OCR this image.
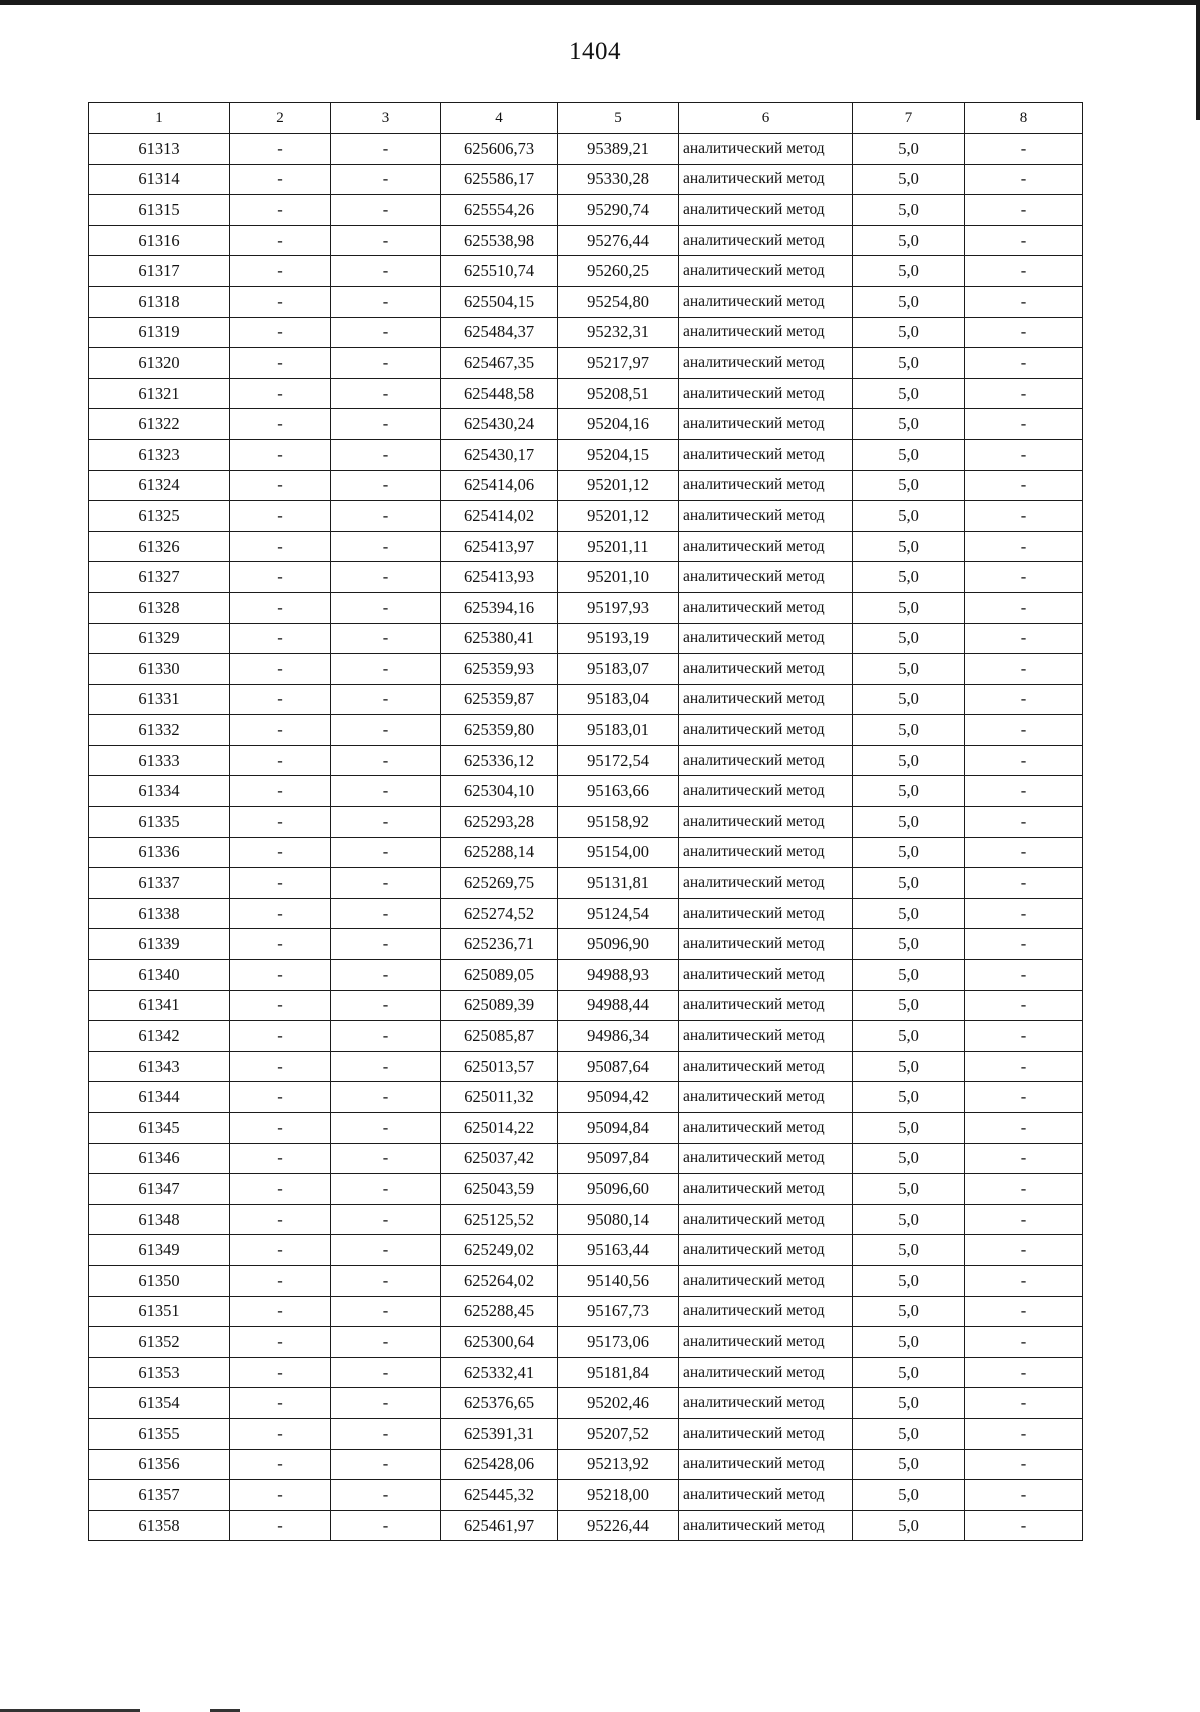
1404
1	2	3	4	5	6	7	8
61313	-	-	625606,73	95389,21	аналитический метод	5,0	-
61314	-	-	625586,17	95330,28	аналитический метод	5,0	-
61315	-	-	625554,26	95290,74	аналитический метод	5,0	-
61316	-	-	625538,98	95276,44	аналитический метод	5,0	-
61317	-	-	625510,74	95260,25	аналитический метод	5,0	-
61318	-	-	625504,15	95254,80	аналитический метод	5,0	-
61319	-	-	625484,37	95232,31	аналитический метод	5,0	-
61320	-	-	625467,35	95217,97	аналитический метод	5,0	-
61321	-	-	625448,58	95208,51	аналитический метод	5,0	-
61322	-	-	625430,24	95204,16	аналитический метод	5,0	-
61323	-	-	625430,17	95204,15	аналитический метод	5,0	-
61324	-	-	625414,06	95201,12	аналитический метод	5,0	-
61325	-	-	625414,02	95201,12	аналитический метод	5,0	-
61326	-	-	625413,97	95201,11	аналитический метод	5,0	-
61327	-	-	625413,93	95201,10	аналитический метод	5,0	-
61328	-	-	625394,16	95197,93	аналитический метод	5,0	-
61329	-	-	625380,41	95193,19	аналитический метод	5,0	-
61330	-	-	625359,93	95183,07	аналитический метод	5,0	-
61331	-	-	625359,87	95183,04	аналитический метод	5,0	-
61332	-	-	625359,80	95183,01	аналитический метод	5,0	-
61333	-	-	625336,12	95172,54	аналитический метод	5,0	-
61334	-	-	625304,10	95163,66	аналитический метод	5,0	-
61335	-	-	625293,28	95158,92	аналитический метод	5,0	-
61336	-	-	625288,14	95154,00	аналитический метод	5,0	-
61337	-	-	625269,75	95131,81	аналитический метод	5,0	-
61338	-	-	625274,52	95124,54	аналитический метод	5,0	-
61339	-	-	625236,71	95096,90	аналитический метод	5,0	-
61340	-	-	625089,05	94988,93	аналитический метод	5,0	-
61341	-	-	625089,39	94988,44	аналитический метод	5,0	-
61342	-	-	625085,87	94986,34	аналитический метод	5,0	-
61343	-	-	625013,57	95087,64	аналитический метод	5,0	-
61344	-	-	625011,32	95094,42	аналитический метод	5,0	-
61345	-	-	625014,22	95094,84	аналитический метод	5,0	-
61346	-	-	625037,42	95097,84	аналитический метод	5,0	-
61347	-	-	625043,59	95096,60	аналитический метод	5,0	-
61348	-	-	625125,52	95080,14	аналитический метод	5,0	-
61349	-	-	625249,02	95163,44	аналитический метод	5,0	-
61350	-	-	625264,02	95140,56	аналитический метод	5,0	-
61351	-	-	625288,45	95167,73	аналитический метод	5,0	-
61352	-	-	625300,64	95173,06	аналитический метод	5,0	-
61353	-	-	625332,41	95181,84	аналитический метод	5,0	-
61354	-	-	625376,65	95202,46	аналитический метод	5,0	-
61355	-	-	625391,31	95207,52	аналитический метод	5,0	-
61356	-	-	625428,06	95213,92	аналитический метод	5,0	-
61357	-	-	625445,32	95218,00	аналитический метод	5,0	-
61358	-	-	625461,97	95226,44	аналитический метод	5,0	-
